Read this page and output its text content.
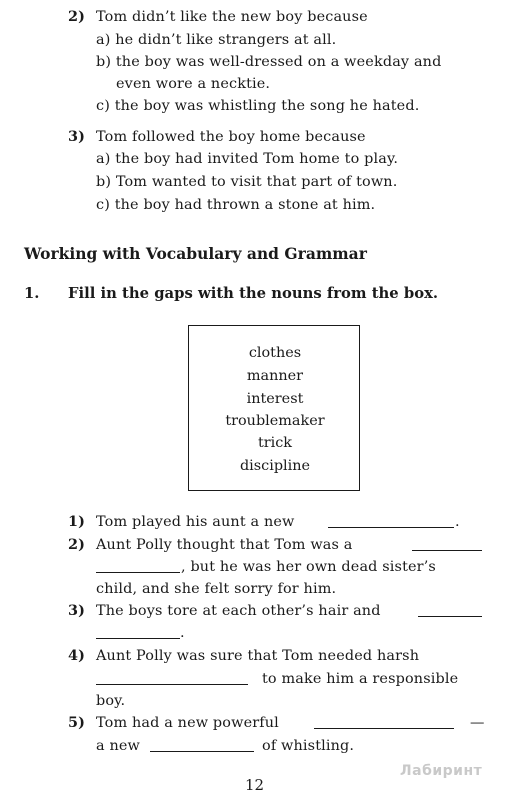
2) Tom didn’t like the new boy because
a) he didn’t like strangers at all.
b) the boy was well-dressed on a weekday and
even wore a necktie.
c) the boy was whistling the song he hated.
3) Tom followed the boy home because
a) the boy had invited Tom home to play.
b) Tom wanted to visit that part of town.
c) the boy had thrown a stone at him.
Working with Vocabulary and Grammar
1. Fill in the gaps with the nouns from the box.
clothes
manner
interest
troublemaker
trick
discipline
1) Tom played his aunt a new	.
2) Aunt Polly thought that Tom was a
, but he was her own dead sister’s
child, and she felt sorry for him.
3) The boys tore at each other’s hair and
.
4) Aunt Polly was sure that Tom needed harsh
to make him a responsible
boy.
5) Tom had a new powerful	—
a new	of whistling.
12
Лабиринт
